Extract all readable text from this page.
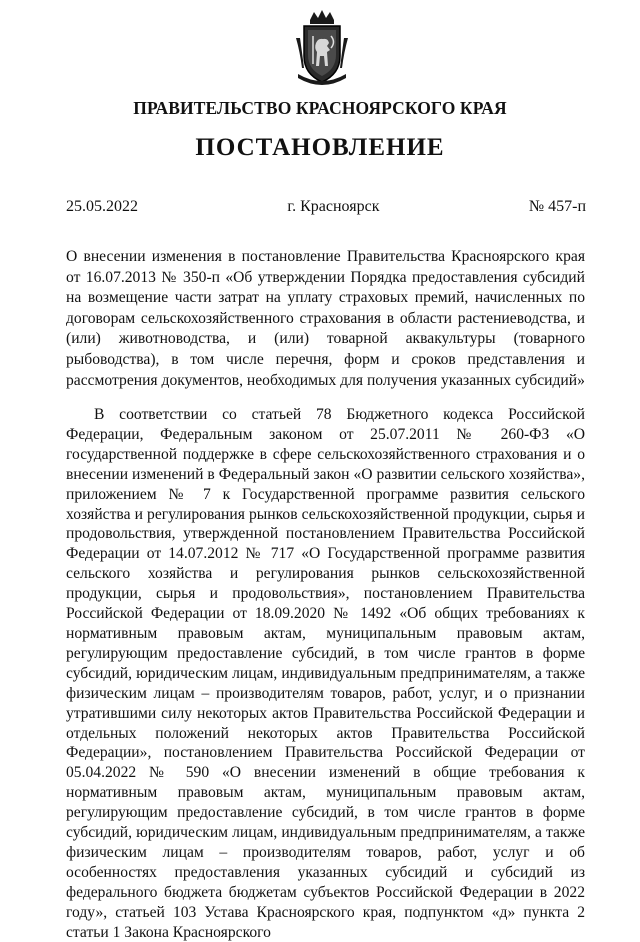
ПРАВИТЕЛЬСТВО КРАСНОЯРСКОГО КРАЯ
ПОСТАНОВЛЕНИЕ
25.05.2022	г. Красноярск	№ 457-п
О внесении изменения в постановление Правительства Красноярского края от 16.07.2013 № 350-п «Об утверждении Порядка предоставления субсидий на возмещение части затрат на уплату страховых премий, начисленных по договорам сельскохозяйственного страхования в области растениеводства, и (или) животноводства, и (или) товарной аквакультуры (товарного рыбоводства), в том числе перечня, форм и сроков представления и рассмотрения документов, необходимых для получения указанных субсидий»
В соответствии со статьей 78 Бюджетного кодекса Российской Федерации, Федеральным законом от 25.07.2011 № 260-ФЗ «О государственной поддержке в сфере сельскохозяйственного страхования и о внесении изменений в Федеральный закон «О развитии сельского хозяйства», приложением № 7 к Государственной программе развития сельского хозяйства и регулирования рынков сельскохозяйственной продукции, сырья и продовольствия, утвержденной постановлением Правительства Российской Федерации от 14.07.2012 № 717 «О Государственной программе развития сельского хозяйства и регулирования рынков сельскохозяйственной продукции, сырья и продовольствия», постановлением Правительства Российской Федерации от 18.09.2020 № 1492 «Об общих требованиях к нормативным правовым актам, муниципальным правовым актам, регулирующим предоставление субсидий, в том числе грантов в форме субсидий, юридическим лицам, индивидуальным предпринимателям, а также физическим лицам – производителям товаров, работ, услуг, и о признании утратившими силу некоторых актов Правительства Российской Федерации и отдельных положений некоторых актов Правительства Российской Федерации», постановлением Правительства Российской Федерации от 05.04.2022 № 590 «О внесении изменений в общие требования к нормативным правовым актам, муниципальным правовым актам, регулирующим предоставление субсидий, в том числе грантов в форме субсидий, юридическим лицам, индивидуальным предпринимателям, а также физическим лицам – производителям товаров, работ, услуг и об особенностях предоставления указанных субсидий и субсидий из федерального бюджета бюджетам субъектов Российской Федерации в 2022 году», статьей 103 Устава Красноярского края, подпунктом «д» пункта 2 статьи 1 Закона Красноярского
